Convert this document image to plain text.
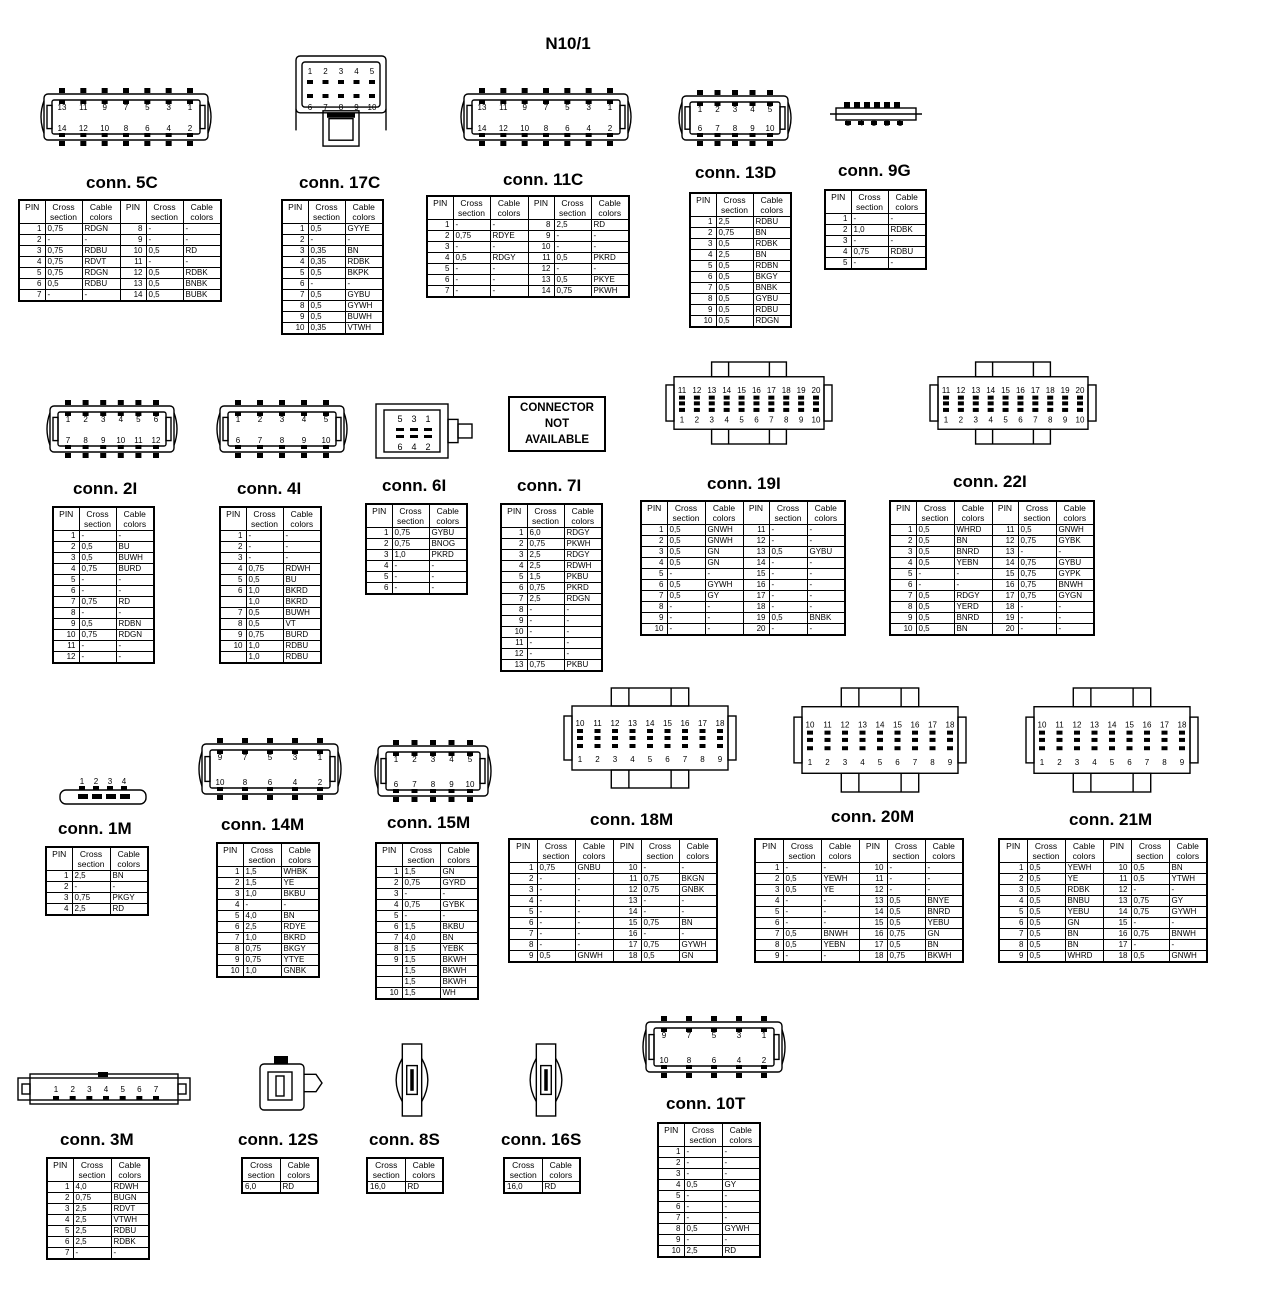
N10/1
CONNECTOR NOT AVAILABLE
13 11 9 7 5 3 1
14 12 10 8 6 4 2
conn. 5C
PIN	Cross section	Cable colors	PIN	Cross section	Cable colors
1	0,75	RDGN	8	-	-
2	-	-	9	-	-
3	0,75	RDBU	10	0,5	RD
4	0,75	RDVT	11	-	-
5	0,75	RDGN	12	0,5	RDBK
6	0,5	RDBU	13	0,5	BNBK
7	-	-	14	0,5	BUBK
1 2 3 4 5
6 7 8 9 10
conn. 17C
PIN	Cross section	Cable colors
1	0,5	GYYE
2	-	-
3	0,35	BN
4	0,35	RDBK
5	0,5	BKPK
6	-	-
7	0,5	GYBU
8	0,5	GYWH
9	0,5	BUWH
10	0,35	VTWH
13 11 9 7 5 3 1
14 12 10 8 6 4 2
conn. 11C
PIN	Cross section	Cable colors	PIN	Cross section	Cable colors
1	-	-	8	2,5	RD
2	0,75	RDYE	9	-	-
3	-	-	10	-	-
4	0,5	RDGY	11	0,5	PKRD
5	-	-	12	-	-
6	-	-	13	0,5	PKYE
7	-	-	14	0,75	PKWH
1 2 3 4 5
6 7 8 9 10
conn. 13D
PIN	Cross section	Cable colors
1	2,5	RDBU
2	0,75	BN
3	0,5	RDBK
4	2,5	BN
5	0,5	RDBN
6	0,5	BKGY
7	0,5	BNBK
8	0,5	GYBU
9	0,5	RDBU
10	0,5	RDGN
conn. 9G
PIN	Cross section	Cable colors
1	-	-
2	1,0	RDBK
3	-	-
4	0,75	RDBU
5	-	-
1 2 3 4 5 6
7 8 9 10 11 12
conn. 2I
PIN	Cross section	Cable colors
1	-	-
2	0,5	BU
3	0,5	BUWH
4	0,75	BURD
5	-	-
6	-	-
7	0,75	RD
8	-	-
9	0,5	RDBN
10	0,75	RDGN
11	-	-
12	-	-
1 2 3 4 5
6 7 8 9 10
conn. 4I
PIN	Cross section	Cable colors
1	-	-
2	-	-
3	-	-
4	0,75	RDWH
5	0,5	BU
6	1,0	BKRD
	1,0	BKRD
7	0,5	BUWH
8	0,5	VT
9	0,75	BURD
10	1,0	RDBU
	1,0	RDBU
5 3 1
6 4 2
conn. 6I
PIN	Cross section	Cable colors
1	0,75	GYBU
2	0,75	BNOG
3	1,0	PKRD
4	-	-
5	-	-
6	-	-
conn. 7I
PIN	Cross section	Cable colors
1	6,0	RDGY
2	0,75	PKWH
3	2,5	RDGY
4	2,5	RDWH
5	1,5	PKBU
6	0,75	PKRD
7	2,5	RDGN
8	-	-
9	-	-
10	-	-
11	-	-
12	-	-
13	0,75	PKBU
11 12 13 14 15 16 17 18 19 20
1 2 3 4 5 6 7 8 9 10
conn. 19I
PIN	Cross section	Cable colors	PIN	Cross section	Cable colors
1	0,5	GNWH	11	-	-
2	0,5	GNWH	12	-	-
3	0,5	GN	13	0,5	GYBU
4	0,5	GN	14	-	-
5	-	-	15	-	-
6	0,5	GYWH	16	-	-
7	0,5	GY	17	-	-
8	-	-	18	-	-
9	-	-	19	0,5	BNBK
10	-	-	20	-	-
11 12 13 14 15 16 17 18 19 20
1 2 3 4 5 6 7 8 9 10
conn. 22I
PIN	Cross section	Cable colors	PIN	Cross section	Cable colors
1	0,5	WHRD	11	0,5	GNWH
2	0,5	BN	12	0,75	GYBK
3	0,5	BNRD	13	-	-
4	0,5	YEBN	14	0,75	GYBU
5	-	-	15	0,75	GYPK
6	-	-	16	0,75	BNWH
7	0,5	RDGY	17	0,75	GYGN
8	0,5	YERD	18	-	-
9	0,5	BNRD	19	-	-
10	0,5	BN	20	-	-
1 2 3 4
conn. 1M
PIN	Cross section	Cable colors
1	2,5	BN
2	-	-
3	0,75	PKGY
4	2,5	RD
9	7	5	3	1
10 8	6	4	2
conn. 14M
PIN	Cross section	Cable colors
1	1,5	WHBK
2	1,5	YE
3	1,0	BKBU
4	-	-
5	4,0	BN
6	2,5	RDYE
7	1,0	BKRD
8	0,75	BKGY
9	0,75	YTYE
10	1,0	GNBK
1 2 3 4 5
6 7 8 9 10
conn. 15M
PIN	Cross section	Cable colors
1	1,5	GN
2	0,75	GYRD
3	-	-
4	0,75	GYBK
5	-	-
6	1,5	BKBU
7	4,0	BN
8	1,5	YEBK
9	1,5	BKWH
	1,5	BKWH
	1,5	BKWH
10	1,5	WH
10 11 12 13 14 15 16 17 18
1 2 3 4 5 6 7 8 9
conn. 18M
PIN	Cross section	Cable colors	PIN	Cross section	Cable colors
1	0,75	GNBU	10	-	-
2	-	-	11	0,75	BKGN
3	-	-	12	0,75	GNBK
4	-	-	13	-	-
5	-	-	14	-	-
6	-	-	15	0,75	BN
7	-	-	16	-	-
8	-	-	17	0,75	GYWH
9	0,5	GNWH	18	0,5	GN
10 11 12 13 14 15 16 17 18
1 2 3 4 5 6 7 8 9
conn. 20M
PIN	Cross section	Cable colors	PIN	Cross section	Cable colors
1	-	-	10	-	-
2	0,5	YEWH	11	-	-
3	0,5	YE	12	-	-
4	-	-	13	0,5	BNYE
5	-	-	14	0,5	BNRD
6	-	-	15	0,5	YEBU
7	0,5	BNWH	16	0,75	GN
8	0,5	YEBN	17	0,5	BN
9	-	-	18	0,75	BKWH
10 11 12 13 14 15 16 17 18
1 2 3 4 5 6 7 8 9
conn. 21M
PIN	Cross section	Cable colors	PIN	Cross section	Cable colors
1	0,5	YEWH	10	0,5	BN
2	0,5	YE	11	0,5	YTWH
3	0,5	RDBK	12	-	-
4	0,5	BNBU	13	0,75	GY
5	0,5	YEBU	14	0,75	GYWH
6	0,5	GN	15	-	-
7	0,5	BN	16	0,75	BNWH
8	0,5	BN	17	-	-
9	0,5	WHRD	18	0,5	GNWH
1 2 3 4 5 6 7
conn. 3M
PIN	Cross section	Cable colors
1	4,0	RDWH
2	0,75	BUGN
3	2,5	RDVT
4	2,5	VTWH
5	2,5	RDBU
6	2,5	RDBK
7	-	-
conn. 12S
Cross section	Cable colors
6,0	RD
conn. 8S
Cross section	Cable colors
16,0	RD
conn. 16S
Cross section	Cable colors
16,0	RD
9	7	5	3	1
10 8	6	4	2
conn. 10T
PIN	Cross section	Cable colors
1	-	-
2	-	-
3	-	-
4	0,5	GY
5	-	-
6	-	-
7	-	-
8	0,5	GYWH
9	-	-
10	2,5	RD
